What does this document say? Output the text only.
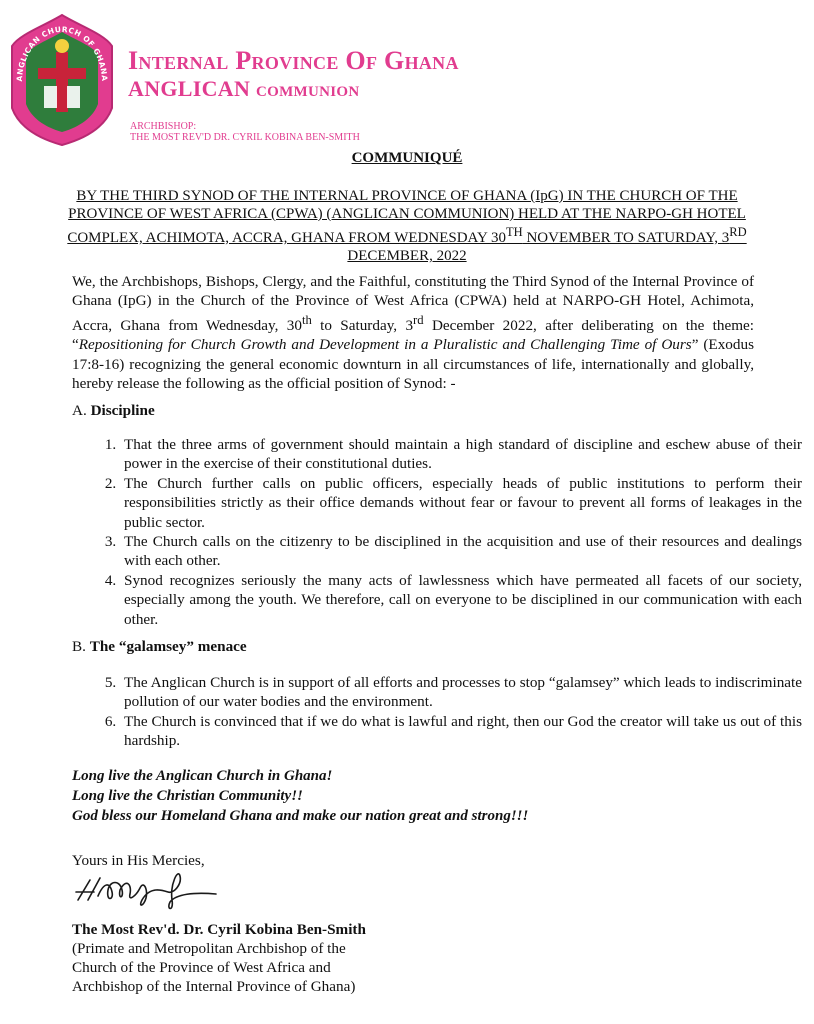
ANGLICAN CHURCH OF GHANA
Internal Province Of Ghana
ANGLICAN communion
ARCHBISHOP:
THE MOST REV'D DR. CYRIL KOBINA BEN-SMITH
COMMUNIQUÉ
BY THE THIRD SYNOD OF THE INTERNAL PROVINCE OF GHANA (IpG) IN THE CHURCH OF THE PROVINCE OF WEST AFRICA (CPWA) (ANGLICAN COMMUNION) HELD AT THE NARPO-GH HOTEL COMPLEX, ACHIMOTA, ACCRA, GHANA FROM WEDNESDAY 30TH NOVEMBER TO SATURDAY, 3RD DECEMBER, 2022
We, the Archbishops, Bishops, Clergy, and the Faithful, constituting the Third Synod of the Internal Province of Ghana (IpG) in the Church of the Province of West Africa (CPWA) held at NARPO-GH Hotel, Achimota, Accra, Ghana from Wednesday, 30th to Saturday, 3rd December 2022, after deliberating on the theme: “Repositioning for Church Growth and Development in a Pluralistic and Challenging Time of Ours” (Exodus 17:8-16) recognizing the general economic downturn in all circumstances of life, internationally and globally, hereby release the following as the official position of Synod: -
A. Discipline
1. That the three arms of government should maintain a high standard of discipline and eschew abuse of their power in the exercise of their constitutional duties.
2. The Church further calls on public officers, especially heads of public institutions to perform their responsibilities strictly as their office demands without fear or favour to prevent all forms of leakages in the public sector.
3. The Church calls on the citizenry to be disciplined in the acquisition and use of their resources and dealings with each other.
4. Synod recognizes seriously the many acts of lawlessness which have permeated all facets of our society, especially among the youth. We therefore, call on everyone to be disciplined in our communication with each other.
B. The “galamsey” menace
5. The Anglican Church is in support of all efforts and processes to stop “galamsey” which leads to indiscriminate pollution of our water bodies and the environment.
6. The Church is convinced that if we do what is lawful and right, then our God the creator will take us out of this hardship.
Long live the Anglican Church in Ghana!
Long live the Christian Community!!
God bless our Homeland Ghana and make our nation great and strong!!!
Yours in His Mercies,
The Most Rev'd. Dr. Cyril Kobina Ben-Smith
(Primate and Metropolitan Archbishop of the
Church of the Province of West Africa and
Archbishop of the Internal Province of Ghana)
